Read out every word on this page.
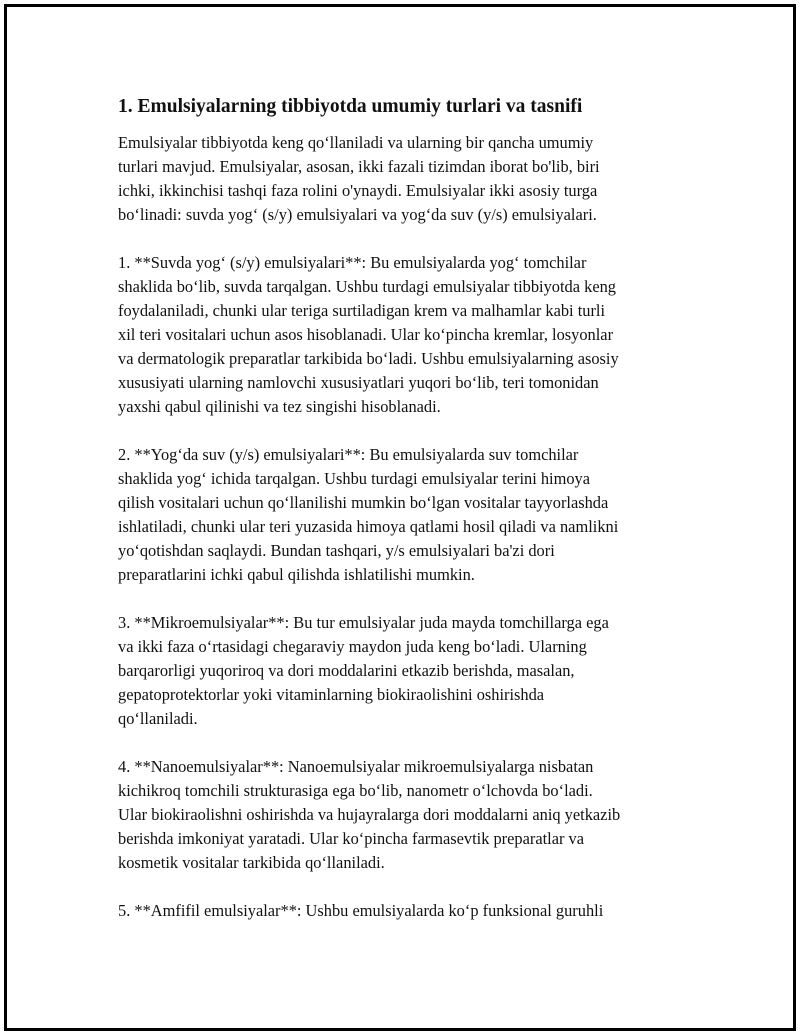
1. Emulsiyalarning tibbiyotda umumiy turlari va tasnifi
Emulsiyalar tibbiyotda keng qo‘llaniladi va ularning bir qancha umumiy
turlari mavjud. Emulsiyalar, asosan, ikki fazali tizimdan iborat bo'lib, biri
ichki, ikkinchisi tashqi faza rolini o'ynaydi. Emulsiyalar ikki asosiy turga
bo‘linadi: suvda yog‘ (s/y) emulsiyalari va yog‘da suv (y/s) emulsiyalari.
1. **Suvda yog‘ (s/y) emulsiyalari**: Bu emulsiyalarda yog‘ tomchilar
shaklida bo‘lib, suvda tarqalgan. Ushbu turdagi emulsiyalar tibbiyotda keng
foydalaniladi, chunki ular teriga surtiladigan krem va malhamlar kabi turli
xil teri vositalari uchun asos hisoblanadi. Ular ko‘pincha kremlar, losyonlar
va dermatologik preparatlar tarkibida bo‘ladi. Ushbu emulsiyalarning asosiy
xususiyati ularning namlovchi xususiyatlari yuqori bo‘lib, teri tomonidan
yaxshi qabul qilinishi va tez singishi hisoblanadi.
2. **Yog‘da suv (y/s) emulsiyalari**: Bu emulsiyalarda suv tomchilar
shaklida yog‘ ichida tarqalgan. Ushbu turdagi emulsiyalar terini himoya
qilish vositalari uchun qo‘llanilishi mumkin bo‘lgan vositalar tayyorlashda
ishlatiladi, chunki ular teri yuzasida himoya qatlami hosil qiladi va namlikni
yo‘qotishdan saqlaydi. Bundan tashqari, y/s emulsiyalari ba'zi dori
preparatlarini ichki qabul qilishda ishlatilishi mumkin.
3. **Mikroemulsiyalar**: Bu tur emulsiyalar juda mayda tomchillarga ega
va ikki faza o‘rtasidagi chegaraviy maydon juda keng bo‘ladi. Ularning
barqarorligi yuqoriroq va dori moddalarini etkazib berishda, masalan,
gepatoprotektorlar yoki vitaminlarning biokiraolishini oshirishda
qo‘llaniladi.
4. **Nanoemulsiyalar**: Nanoemulsiyalar mikroemulsiyalarga nisbatan
kichikroq tomchili strukturasiga ega bo‘lib, nanometr o‘lchovda bo‘ladi.
Ular biokiraolishni oshirishda va hujayralarga dori moddalarni aniq yetkazib
berishda imkoniyat yaratadi. Ular ko‘pincha farmasevtik preparatlar va
kosmetik vositalar tarkibida qo‘llaniladi.
5. **Amfifil emulsiyalar**: Ushbu emulsiyalarda ko‘p funksional guruhli
